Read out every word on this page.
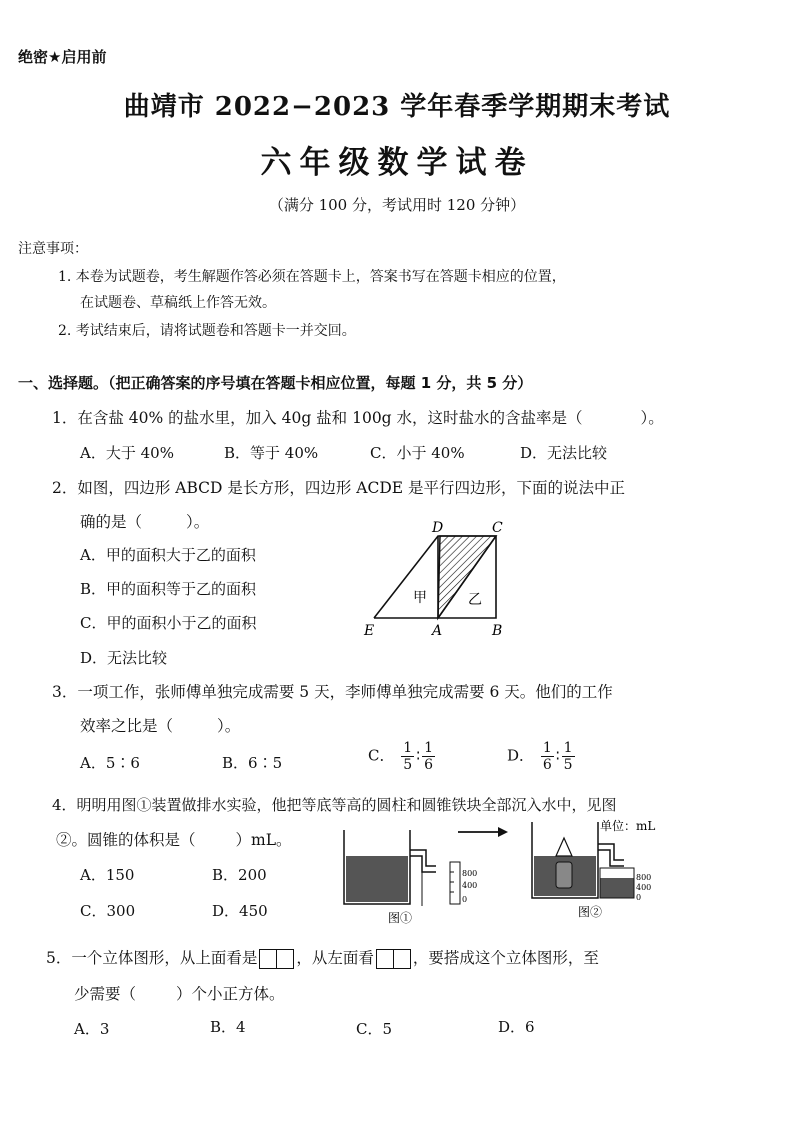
绝密★启用前
曲靖市 2022−2023 学年春季学期期末考试
六年级数学试卷
（满分 100 分，考试用时 120 分钟）
注意事项：
1. 本卷为试题卷，考生解题作答必须在答题卡上，答案书写在答题卡相应的位置，
在试题卷、草稿纸上作答无效。
2. 考试结束后，请将试题卷和答题卡一并交回。
一、选择题。（把正确答案的序号填在答题卡相应位置，每题 1 分，共 5 分）
1．在含盐 40% 的盐水里，加入 40g 盐和 100g 水，这时盐水的含盐率是（	）。
A．大于 40%	B．等于 40%	C．小于 40%	D．无法比较
2．如图，四边形 ABCD 是长方形，四边形 ACDE 是平行四边形，下面的说法中正
确的是（	）。
A．甲的面积大于乙的面积
B．甲的面积等于乙的面积
C．甲的面积小于乙的面积
D．无法比较
D	C
E	A	B
甲	乙
3．一项工作，张师傅单独完成需要 5 天，李师傅单独完成需要 6 天。他们的工作
效率之比是（	）。
A．5∶6	B．6∶5	C． $\frac{1}{5}$ ∶ $\frac{1}{6}$	D． $\frac{1}{6}$ ∶ $\frac{1}{5}$
4．明明用图①装置做排水实验，他把等底等高的圆柱和圆锥铁块全部沉入水中，见图
②。圆锥的体积是（	）mL。
A．150	B．200
C．300	D．450
800
400
0
图①
单位：mL
800
400
0
图②
5．一个立体图形，从上面看是	，从左面看	，要搭成这个立体图形，至
少需要（	）个小正方体。
A．3	B．4	C．5	D．6
